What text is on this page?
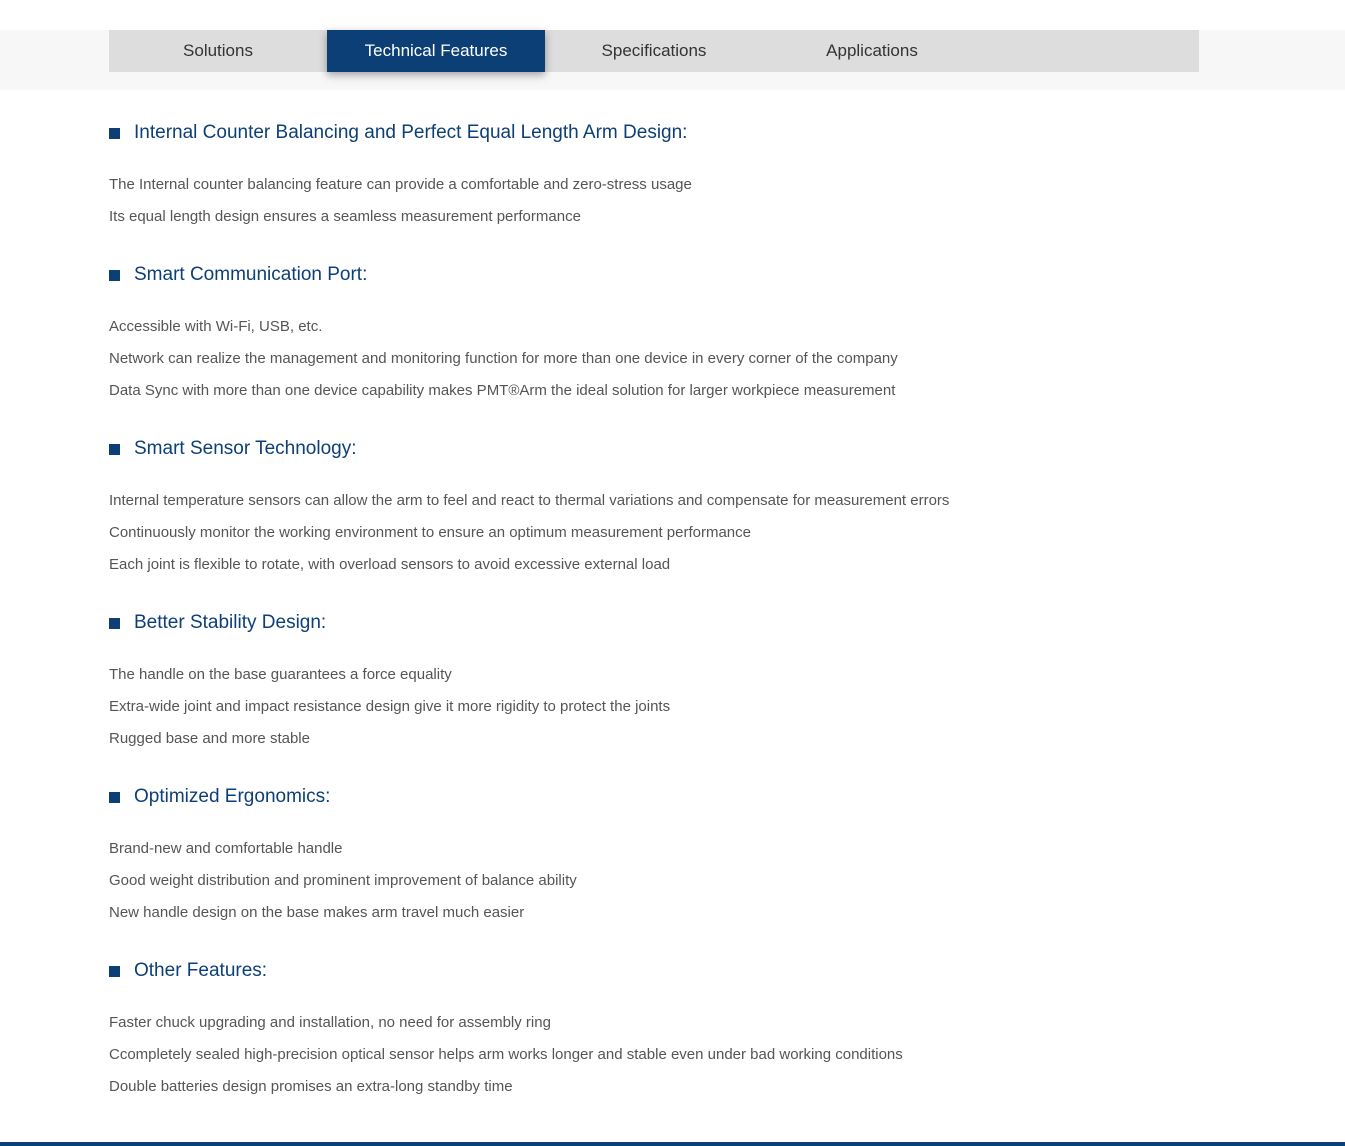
Solutions	Technical Features	Specifications	Applications
Internal Counter Balancing and Perfect Equal Length Arm Design:
The Internal counter balancing feature can provide a comfortable and zero-stress usage
Its equal length design ensures a seamless measurement performance
Smart Communication Port:
Accessible with Wi-Fi, USB, etc.
Network can realize the management and monitoring function for more than one device in every corner of the company
Data Sync with more than one device capability makes PMT®Arm the ideal solution for larger workpiece measurement
Smart Sensor Technology:
Internal temperature sensors can allow the arm to feel and react to thermal variations and compensate for measurement errors
Continuously monitor the working environment to ensure an optimum measurement performance
Each joint is flexible to rotate, with overload sensors to avoid excessive external load
Better Stability Design:
The handle on the base guarantees a force equality
Extra-wide joint and impact resistance design give it more rigidity to protect the joints
Rugged base and more stable
Optimized Ergonomics:
Brand-new and comfortable handle
Good weight distribution and prominent improvement of balance ability
New handle design on the base makes arm travel much easier
Other Features:
Faster chuck upgrading and installation, no need for assembly ring
Ccompletely sealed high-precision optical sensor helps arm works longer and stable even under bad working conditions
Double batteries design promises an extra-long standby time
